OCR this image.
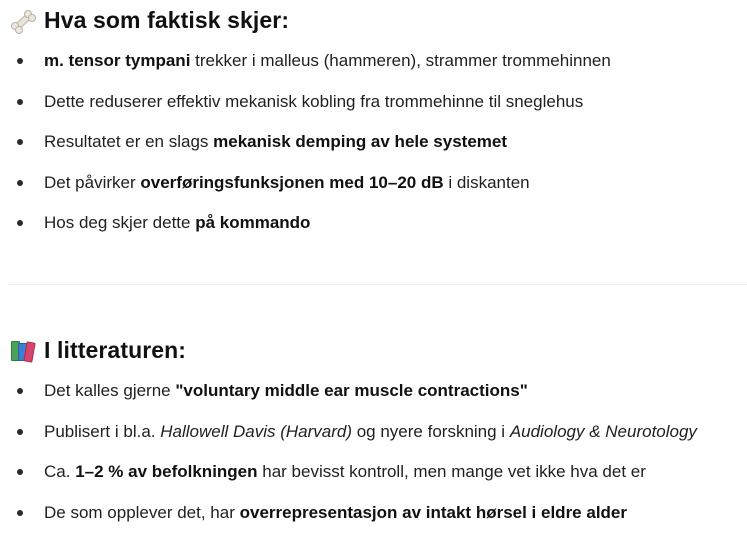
Hva som faktisk skjer:
m. tensor tympani trekker i malleus (hammeren), strammer trommehinnen
Dette reduserer effektiv mekanisk kobling fra trommehinne til sneglehus
Resultatet er en slags mekanisk demping av hele systemet
Det påvirker overføringsfunksjonen med 10–20 dB i diskanten
Hos deg skjer dette på kommando
I litteraturen:
Det kalles gjerne "voluntary middle ear muscle contractions"
Publisert i bl.a. Hallowell Davis (Harvard) og nyere forskning i Audiology & Neurotology
Ca. 1–2 % av befolkningen har bevisst kontroll, men mange vet ikke hva det er
De som opplever det, har overrepresentasjon av intakt hørsel i eldre alder
